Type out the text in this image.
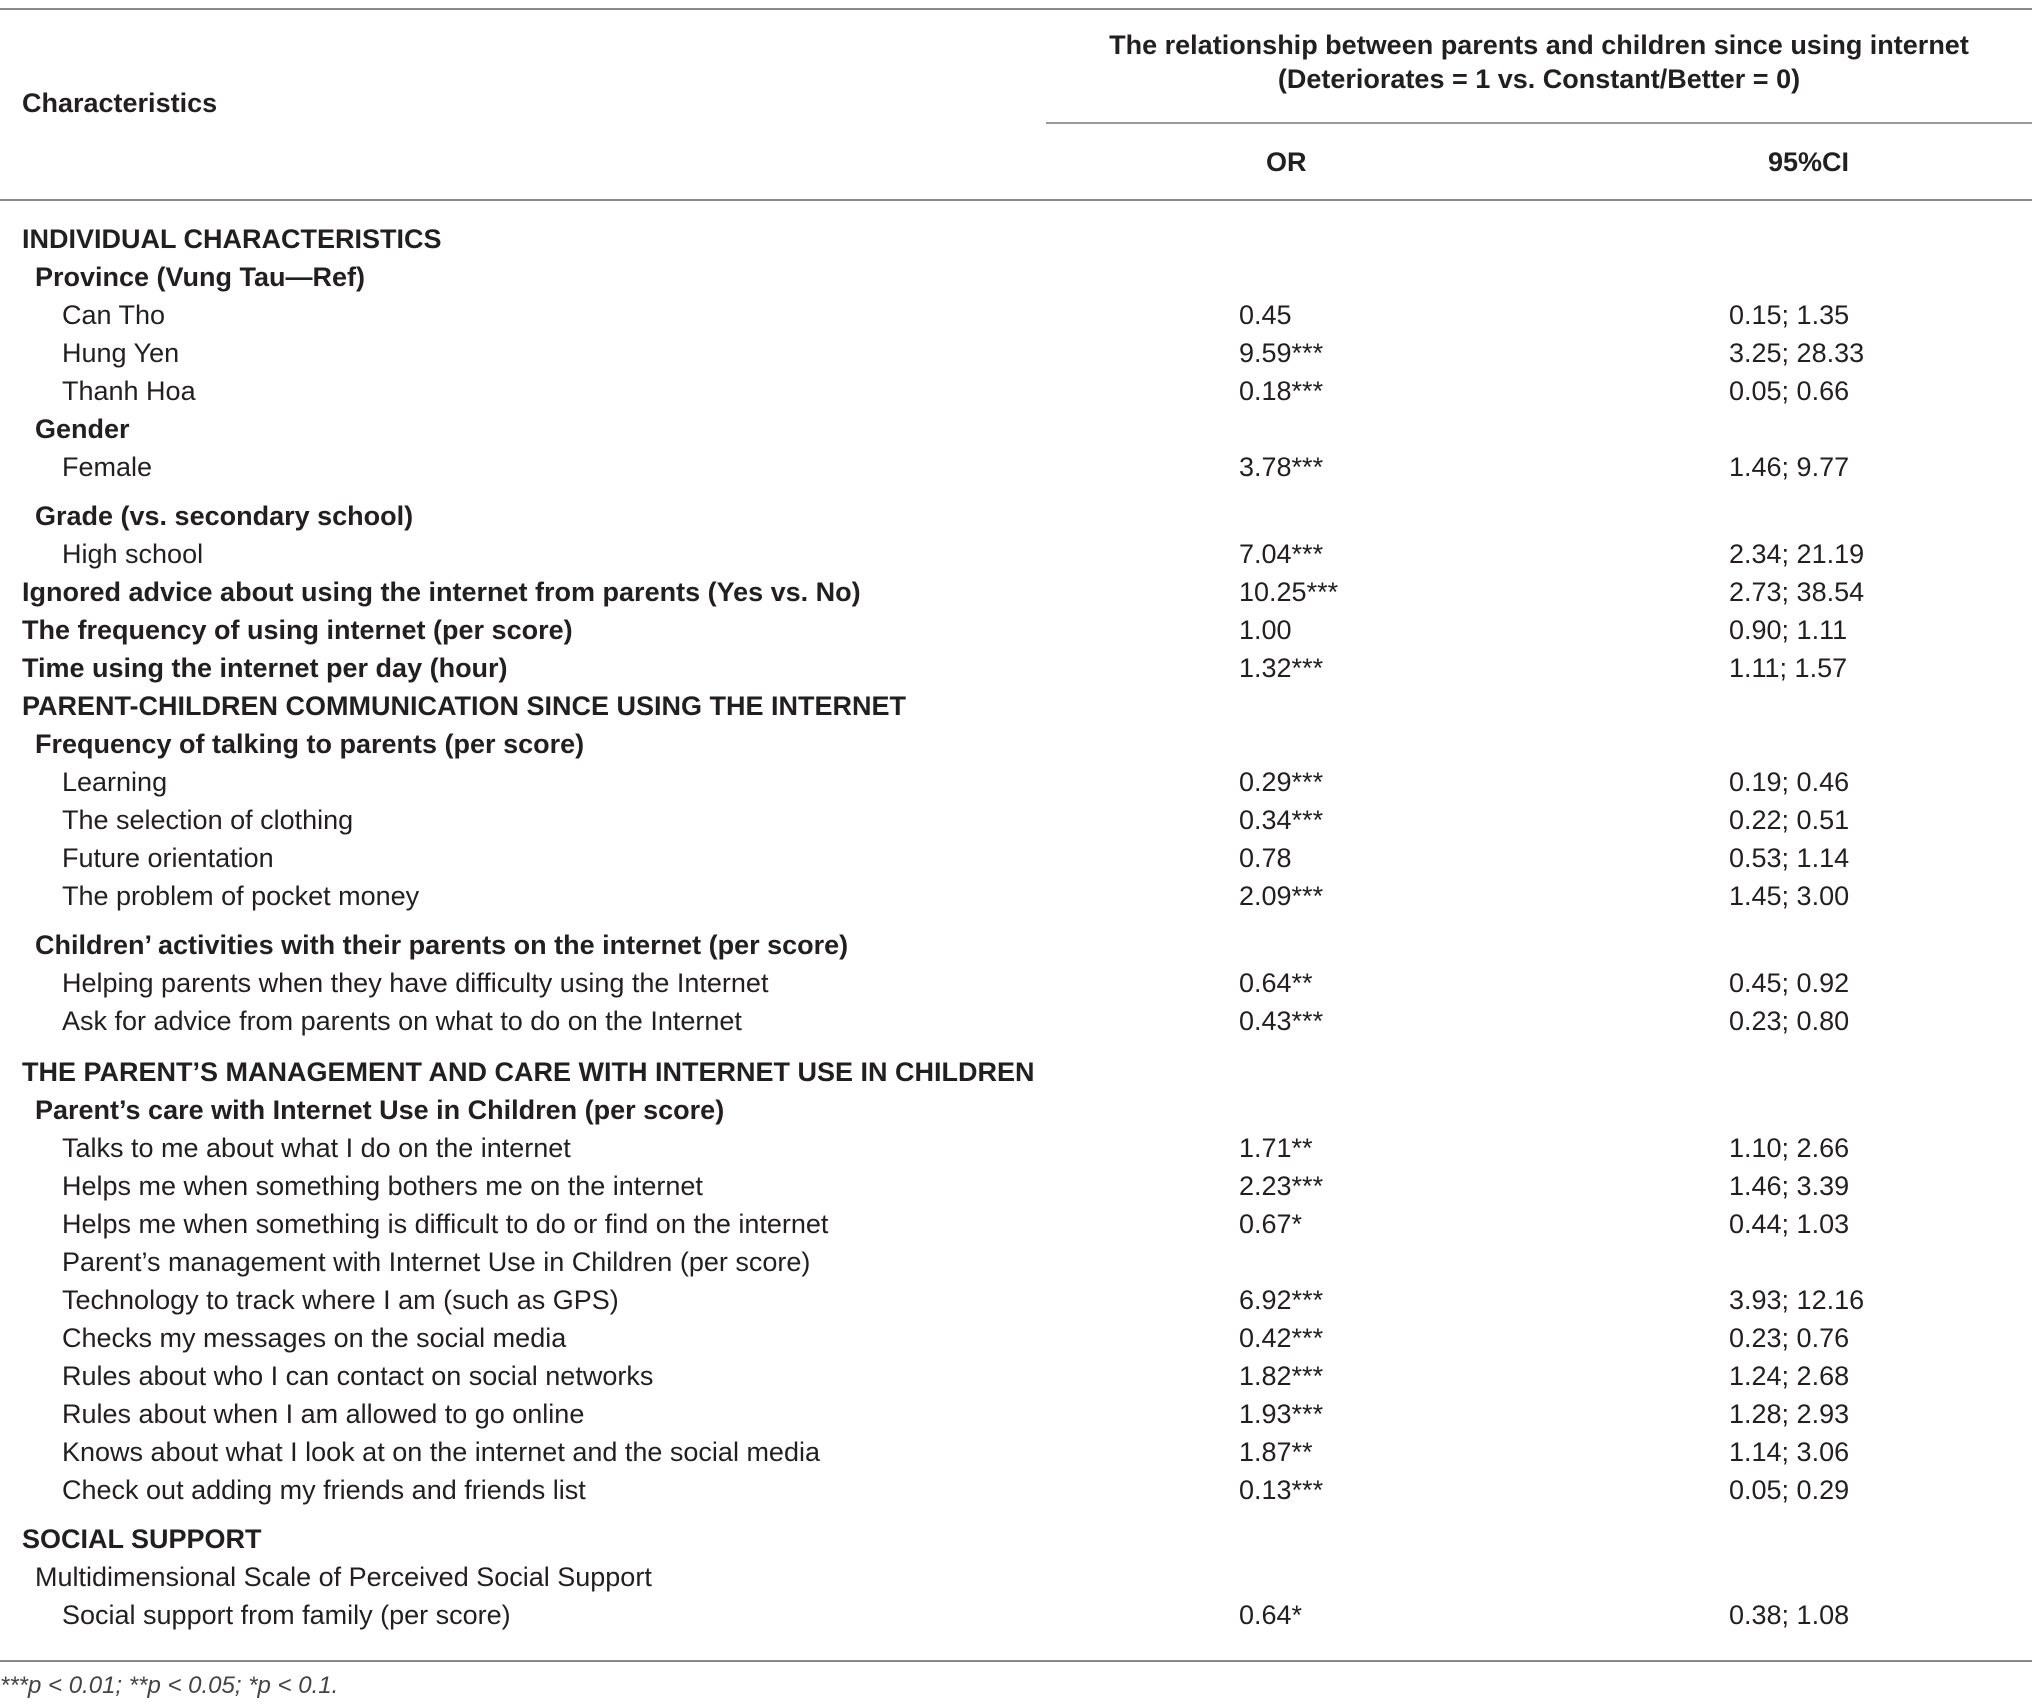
Characteristics
The relationship between parents and children since using internet
(Deteriorates = 1 vs. Constant/Better = 0)
OR	95%CI
INDIVIDUAL CHARACTERISTICS
Province (Vung Tau—Ref)
Can Tho	0.45	0.15; 1.35
Hung Yen	9.59***	3.25; 28.33
Thanh Hoa	0.18***	0.05; 0.66
Gender
Female	3.78***	1.46; 9.77
Grade (vs. secondary school)
High school	7.04***	2.34; 21.19
Ignored advice about using the internet from parents (Yes vs. No)	10.25***	2.73; 38.54
The frequency of using internet (per score)	1.00	0.90; 1.11
Time using the internet per day (hour)	1.32***	1.11; 1.57
PARENT-CHILDREN COMMUNICATION SINCE USING THE INTERNET
Frequency of talking to parents (per score)
Learning	0.29***	0.19; 0.46
The selection of clothing	0.34***	0.22; 0.51
Future orientation	0.78	0.53; 1.14
The problem of pocket money	2.09***	1.45; 3.00
Children’ activities with their parents on the internet (per score)
Helping parents when they have difficulty using the Internet	0.64**	0.45; 0.92
Ask for advice from parents on what to do on the Internet	0.43***	0.23; 0.80
THE PARENT’S MANAGEMENT AND CARE WITH INTERNET USE IN CHILDREN
Parent’s care with Internet Use in Children (per score)
Talks to me about what I do on the internet	1.71**	1.10; 2.66
Helps me when something bothers me on the internet	2.23***	1.46; 3.39
Helps me when something is difficult to do or find on the internet	0.67*	0.44; 1.03
Parent’s management with Internet Use in Children (per score)
Technology to track where I am (such as GPS)	6.92***	3.93; 12.16
Checks my messages on the social media	0.42***	0.23; 0.76
Rules about who I can contact on social networks	1.82***	1.24; 2.68
Rules about when I am allowed to go online	1.93***	1.28; 2.93
Knows about what I look at on the internet and the social media	1.87**	1.14; 3.06
Check out adding my friends and friends list	0.13***	0.05; 0.29
SOCIAL SUPPORT
Multidimensional Scale of Perceived Social Support
Social support from family (per score)	0.64*	0.38; 1.08
***p < 0.01; **p < 0.05; *p < 0.1.
